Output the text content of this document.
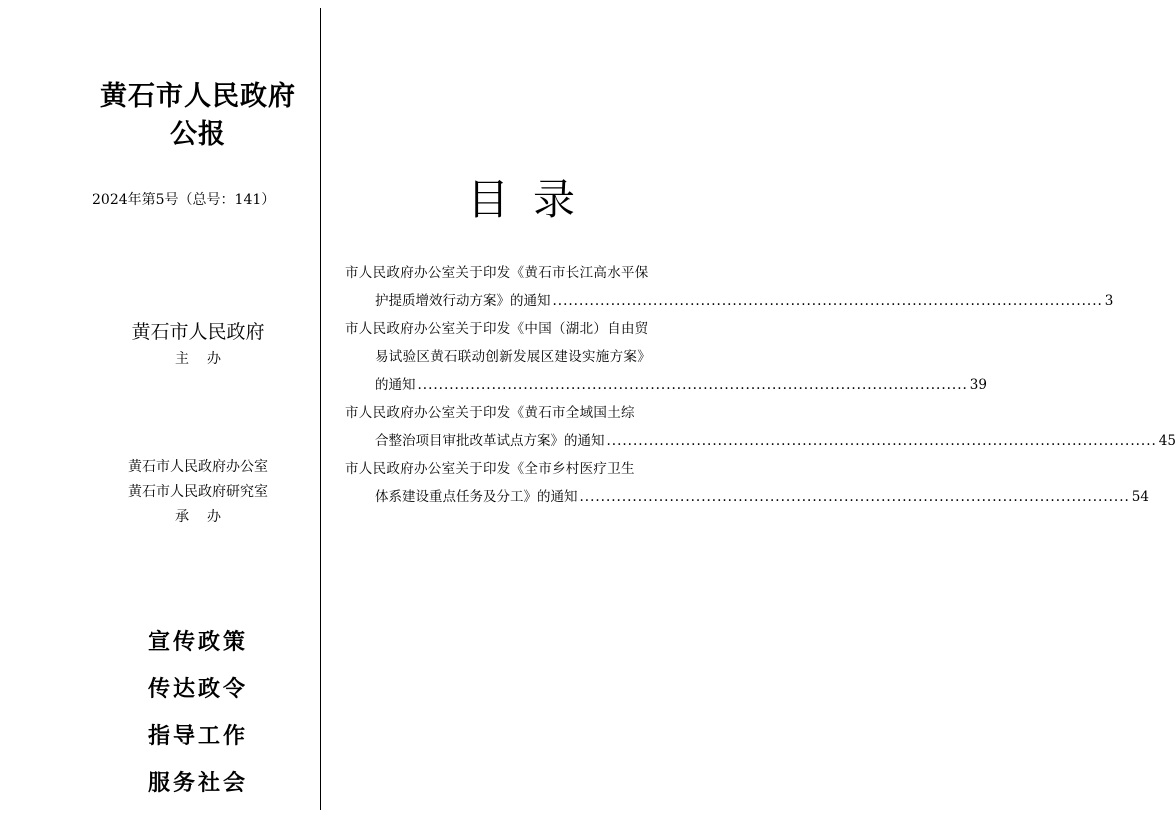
黄石市人民政府
公报
2024年第5号（总号：141）
黄石市人民政府
主办
黄石市人民政府办公室
黄石市人民政府研究室
承办
宣传政策
传达政令
指导工作
服务社会
目录
市人民政府办公室关于印发《黄石市长江高水平保
护提质增效行动方案》的通知 ........................................................................................................ 3
市人民政府办公室关于印发《中国（湖北）自由贸
易试验区黄石联动创新发展区建设实施方案》
的通知 ........................................................................................................ 39
市人民政府办公室关于印发《黄石市全域国土综
合整治项目审批改革试点方案》的通知 ........................................................................................................ 45
市人民政府办公室关于印发《全市乡村医疗卫生
体系建设重点任务及分工》的通知 ........................................................................................................ 54
